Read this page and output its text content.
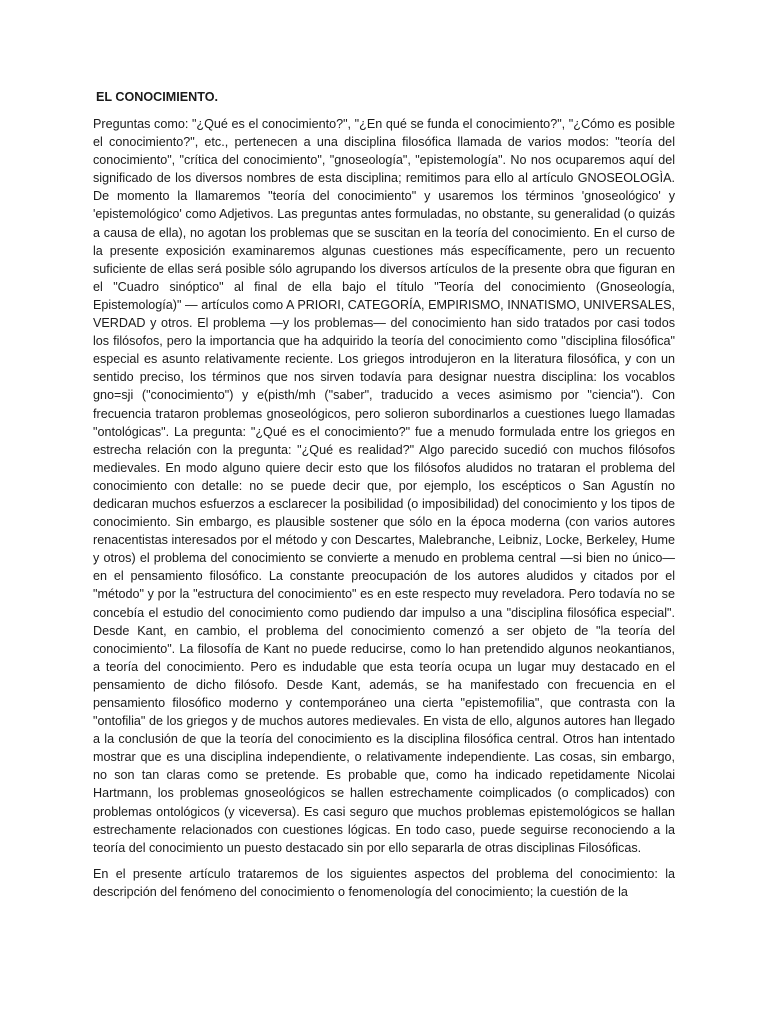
EL CONOCIMIENTO.

Preguntas como: "¿Qué es el conocimiento?", "¿En qué se funda el conocimiento?", "¿Cómo es posible el conocimiento?", etc., pertenecen a una disciplina filosófica llamada de varios modos: "teoría del conocimiento", "crítica del conocimiento", "gnoseología", "epistemología". No nos ocuparemos aquí del significado de los diversos nombres de esta disciplina; remitimos para ello al artículo GNOSEOLOGÌA. De momento la llamaremos "teoría del conocimiento" y usaremos los términos 'gnoseológico' y 'epistemológico' como Adjetivos. Las preguntas antes formuladas, no obstante, su generalidad (o quizás a causa de ella), no agotan los problemas que se suscitan en la teoría del conocimiento. En el curso de la presente exposición examinaremos algunas cuestiones más específicamente, pero un recuento suficiente de ellas será posible sólo agrupando los diversos artículos de la presente obra que figuran en el "Cuadro sinóptico" al final de ella bajo el título "Teoría del conocimiento (Gnoseología, Epistemología)" — artículos como A PRIORI, CATEGORÍA, EMPIRISMO, INNATISMO, UNIVERSALES, VERDAD y otros. El problema —y los problemas— del conocimiento han sido tratados por casi todos los filósofos, pero la importancia que ha adquirido la teoría del conocimiento como "disciplina filosófica" especial es asunto relativamente reciente. Los griegos introdujeron en la literatura filosófica, y con un sentido preciso, los términos que nos sirven todavía para designar nuestra disciplina: los vocablos gno=sji ("conocimiento") y e(pisth/mh ("saber", traducido a veces asimismo por "ciencia"). Con frecuencia trataron problemas gnoseológicos, pero solieron subordinarlos a cuestiones luego llamadas "ontológicas". La pregunta: "¿Qué es el conocimiento?" fue a menudo formulada entre los griegos en estrecha relación con la pregunta: "¿Qué es realidad?" Algo parecido sucedió con muchos filósofos medievales. En modo alguno quiere decir esto que los filósofos aludidos no trataran el problema del conocimiento con detalle: no se puede decir que, por ejemplo, los escépticos o San Agustín no dedicaran muchos esfuerzos a esclarecer la posibilidad (o imposibilidad) del conocimiento y los tipos de conocimiento. Sin embargo, es plausible sostener que sólo en la época moderna (con varios autores renacentistas interesados por el método y con Descartes, Malebranche, Leibniz, Locke, Berkeley, Hume y otros) el problema del conocimiento se convierte a menudo en problema central —si bien no único— en el pensamiento filosófico. La constante preocupación de los autores aludidos y citados por el "método" y por la "estructura del conocimiento" es en este respecto muy reveladora. Pero todavía no se concebía el estudio del conocimiento como pudiendo dar impulso a una "disciplina filosófica especial". Desde Kant, en cambio, el problema del conocimiento comenzó a ser objeto de "la teoría del conocimiento". La filosofía de Kant no puede reducirse, como lo han pretendido algunos neokantianos, a teoría del conocimiento. Pero es indudable que esta teoría ocupa un lugar muy destacado en el pensamiento de dicho filósofo. Desde Kant, además, se ha manifestado con frecuencia en el pensamiento filosófico moderno y contemporáneo una cierta "epistemofilia", que contrasta con la "ontofilia" de los griegos y de muchos autores medievales. En vista de ello, algunos autores han llegado a la conclusión de que la teoría del conocimiento es la disciplina filosófica central. Otros han intentado mostrar que es una disciplina independiente, o relativamente independiente. Las cosas, sin embargo, no son tan claras como se pretende. Es probable que, como ha indicado repetidamente Nicolai Hartmann, los problemas gnoseológicos se hallen estrechamente coimplicados (o complicados) con problemas ontológicos (y viceversa). Es casi seguro que muchos problemas epistemológicos se hallan estrechamente relacionados con cuestiones lógicas. En todo caso, puede seguirse reconociendo a la teoría del conocimiento un puesto destacado sin por ello separarla de otras disciplinas Filosóficas.

En el presente artículo trataremos de los siguientes aspectos del problema del conocimiento: la descripción del fenómeno del conocimiento o fenomenología del conocimiento; la cuestión de la
